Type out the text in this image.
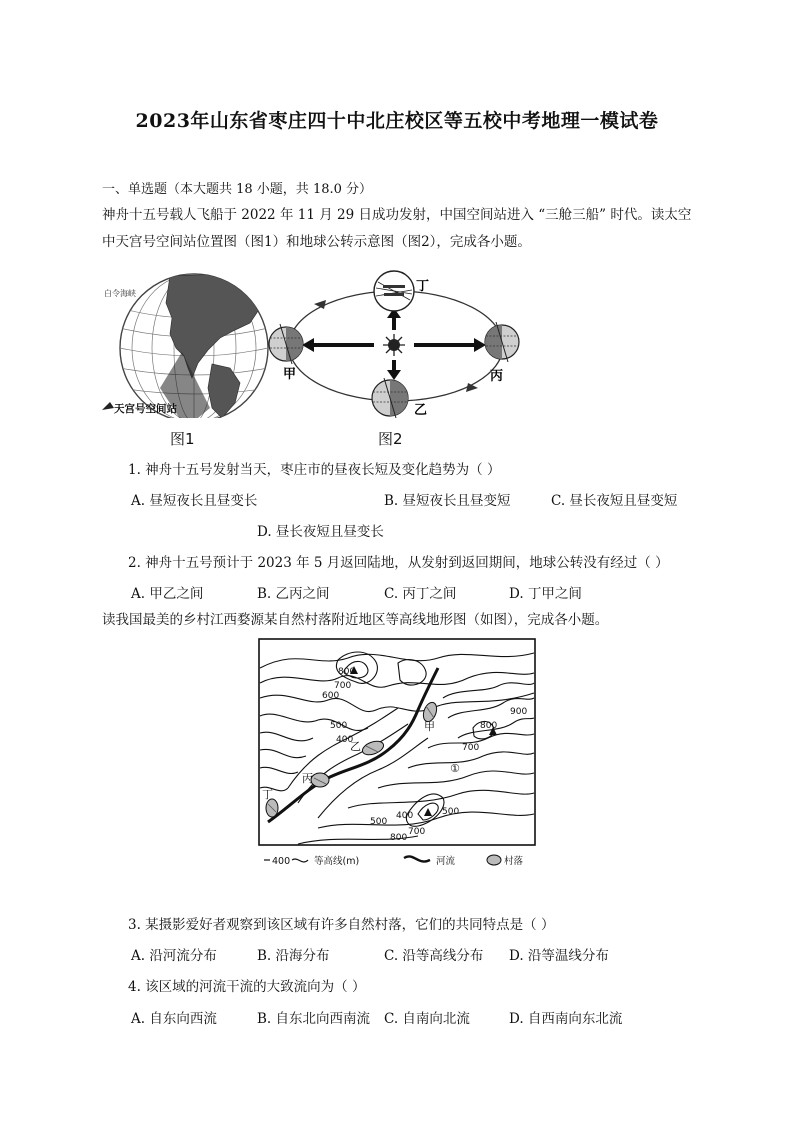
2023年山东省枣庄四十中北庄校区等五校中考地理一模试卷
一、单选题（本大题共 18 小题，共 18.0 分）
神舟十五号载人飞船于 2022 年 11 月 29 日成功发射，中国空间站进入 “三舱三船” 时代。读太空
中天宫号空间站位置图（图1）和地球公转示意图（图2），完成各小题。
白令海峡
天宫号空间站
图1
甲
乙
丙
丁
图2
1. 神舟十五号发射当天，枣庄市的昼夜长短及变化趋势为（ ）
A. 昼短夜长且昼变长	B. 昼短夜长且昼变短	C. 昼长夜短且昼变短
D. 昼长夜短且昼变长
2. 神舟十五号预计于 2023 年 5 月返回陆地，从发射到返回期间，地球公转没有经过（ ）
A. 甲乙之间	B. 乙丙之间	C. 丙丁之间	D. 丁甲之间
读我国最美的乡村江西婺源某自然村落附近地区等高线地形图（如图），完成各小题。
800
700
600
500
400
700
800
900
400
500
700
800
500
甲
乙
丙
丁
①
400	等高线(m)	河流	村落
3. 某摄影爱好者观察到该区域有许多自然村落，它们的共同特点是（ ）
A. 沿河流分布	B. 沿海分布	C. 沿等高线分布 D. 沿等温线分布
4. 该区域的河流干流的大致流向为（ ）
A. 自东向西流	B. 自东北向西南流 C. 自南向北流	D. 自西南向东北流
